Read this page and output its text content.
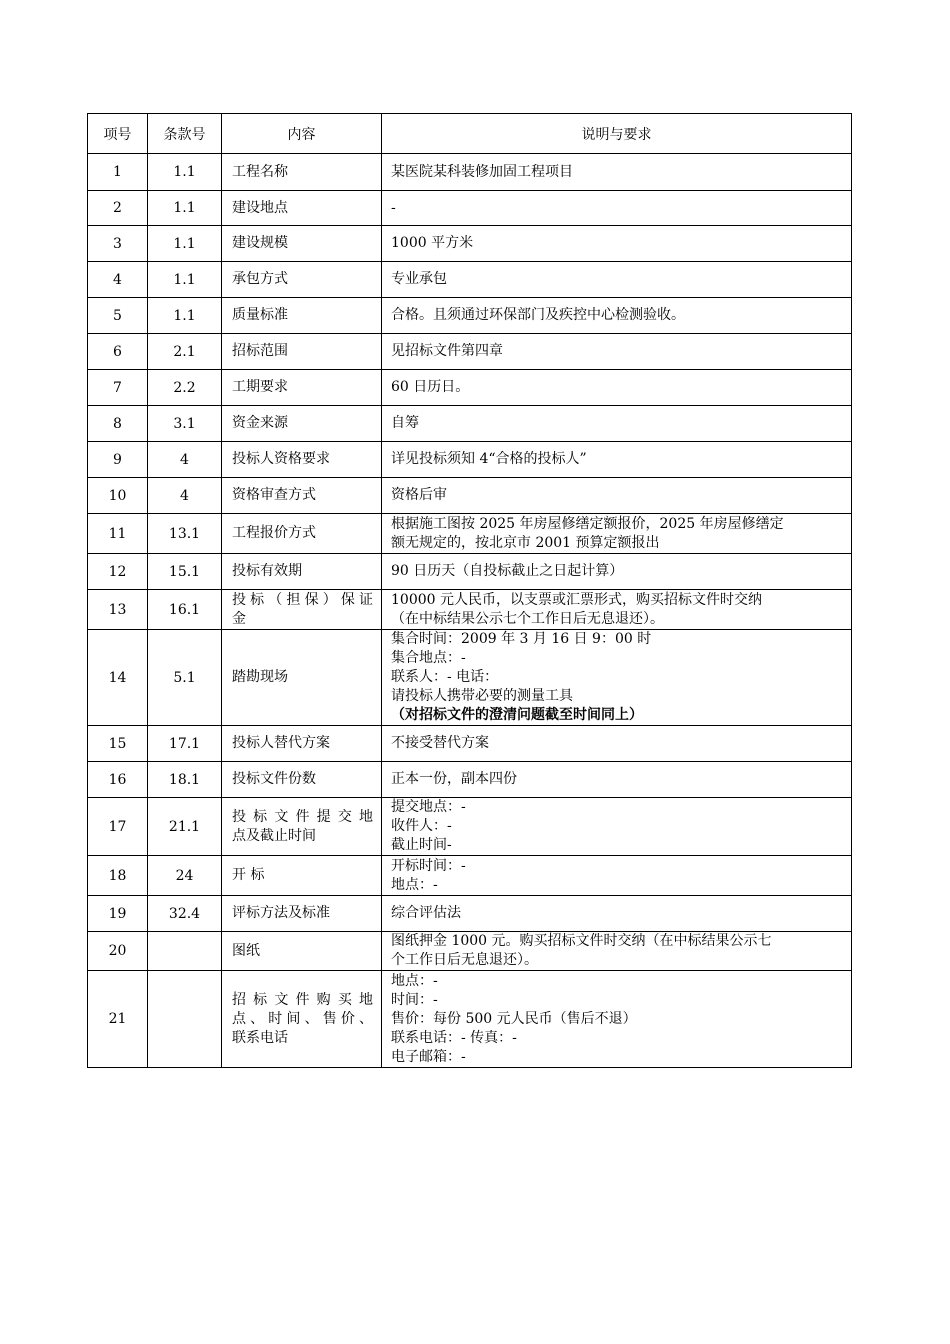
项号	条款号	内容	说明与要求
1	1.1	工程名称	某医院某科装修加固工程项目

2	1.1	建设地点	-

3	1.1	建设规模	1000 平方米

4	1.1	承包方式	专业承包

5	1.1	质量标准	合格。且须通过环保部门及疾控中心检测验收。

6	2.1	招标范围	见招标文件第四章

7	2.2	工期要求	60 日历日。

8	3.1	资金来源	自筹

9	4	投标人资格要求	详见投标须知 4“合格的投标人”

10	4	资格审查方式	资格后审

11	13.1	工程报价方式	根据施工图按 2025 年房屋修缮定额报价，2025 年房屋修缮定
额无规定的，按北京市 2001 预算定额报出

12	15.1	投标有效期	90 日历天（自投标截止之日起计算）

13	16.1	投标（担保）保证
金	10000 元人民币，以支票或汇票形式，购买招标文件时交纳
（在中标结果公示七个工作日后无息退还）。

14	5.1	踏勘现场	集合时间：2009 年 3 月 16 日 9：00 时
集合地点：-
联系人：- 电话：
请投标人携带必要的测量工具
（对招标文件的澄清问题截至时间同上）

15	17.1	投标人替代方案	不接受替代方案

16	18.1	投标文件份数	正本一份，副本四份

17	21.1	投标文件提交地
点及截止时间	提交地点：-
收件人：-
截止时间-

18	24	开 标	开标时间：-
地点：-

19	32.4	评标方法及标准	综合评估法

20		图纸	图纸押金 1000 元。购买招标文件时交纳（在中标结果公示七
个工作日后无息退还）。

21		招标文件购买地
点、时间、售价、
联系电话	地点：-
时间：-
售价：每份 500 元人民币（售后不退）
联系电话：- 传真：-
电子邮箱：-
